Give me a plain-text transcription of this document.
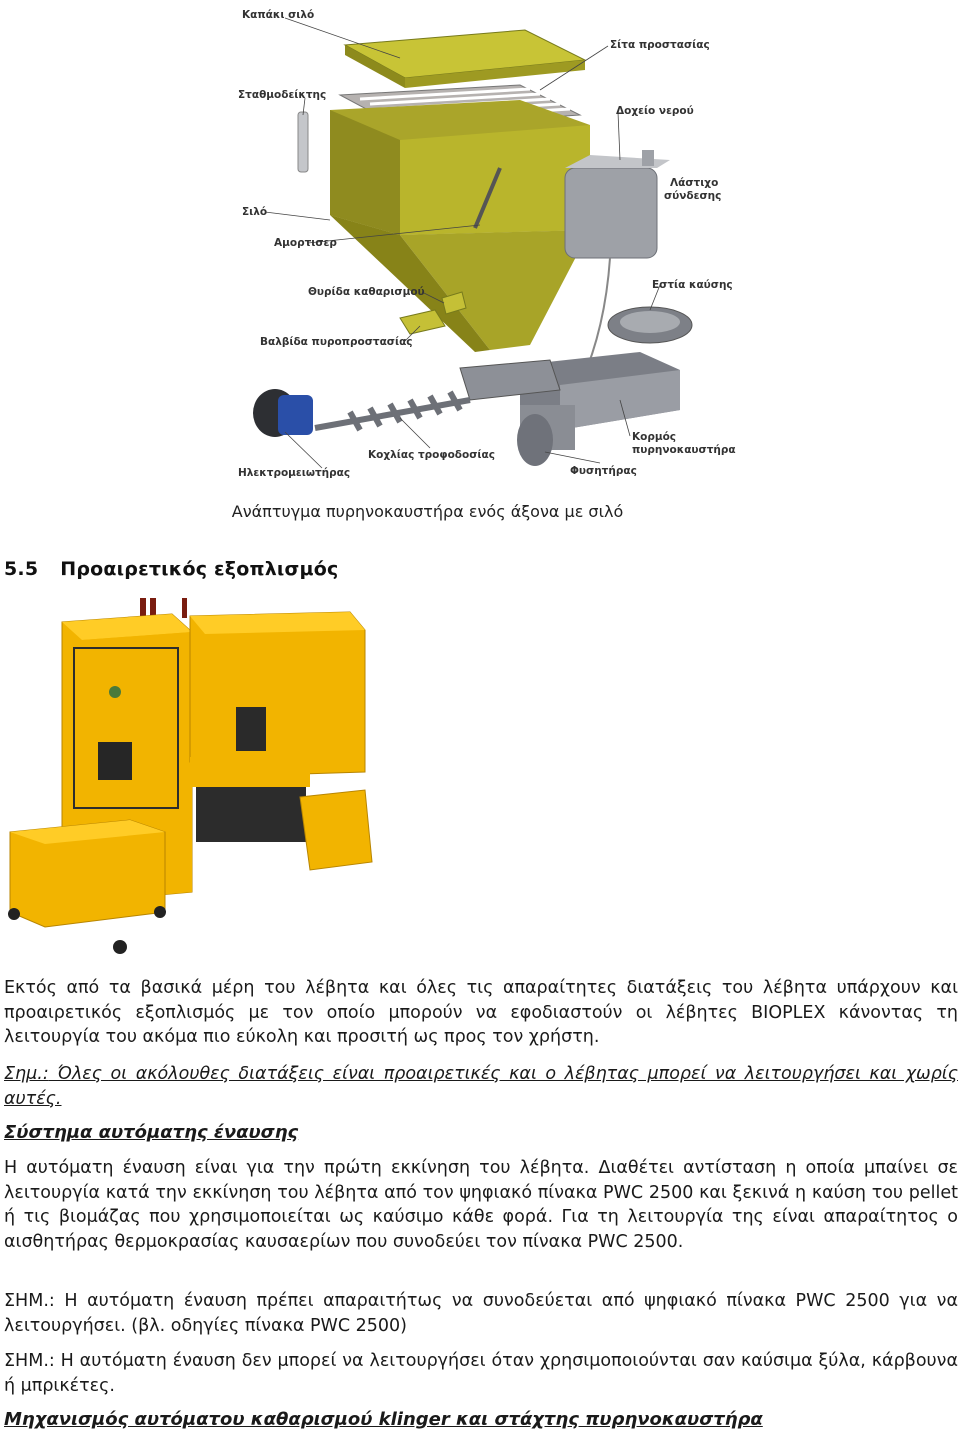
Καπάκι σιλό
Σίτα προστασίας
Σταθμοδείκτης
Δοχείο νερού
Λάστιχο
σύνδεσης
Σιλό
Αμορτισερ
Εστία καύσης
Θυρίδα καθαρισμού
Βαλβίδα πυροπροστασίας
Κορμός
πυρηνοκαυστήρα
Ηλεκτρομειωτήρας
Κοχλίας τροφοδοσίας
Φυσητήρας
Ανάπτυγμα πυρηνοκαυστήρα ενός άξονα με σιλό
5.5 Προαιρετικός εξοπλισμός
Εκτός από τα βασικά μέρη του λέβητα και όλες τις απαραίτητες διατάξεις του λέβητα υπάρχουν και προαιρετικός εξοπλισμός με τον οποίο μπορούν να εφοδιαστούν οι λέβητες BIOPLEX κάνοντας τη λειτουργία του ακόμα πιο εύκολη και προσιτή ως προς τον χρήστη.
Σημ.: Όλες οι ακόλουθες διατάξεις είναι προαιρετικές και ο λέβητας μπορεί να λειτουργήσει και χωρίς αυτές.
Σύστημα αυτόματης έναυσης
Η αυτόματη έναυση είναι για την πρώτη εκκίνηση του λέβητα. Διαθέτει αντίσταση η οποία μπαίνει σε λειτουργία κατά την εκκίνηση του λέβητα από τον ψηφιακό πίνακα PWC 2500 και ξεκινά η καύση του pellet ή τις βιομάζας που χρησιμοποιείται ως καύσιμο κάθε φορά. Για τη λειτουργία της είναι απαραίτητος ο αισθητήρας θερμοκρασίας καυσαερίων που συνοδεύει τον πίνακα PWC 2500.
ΣΗΜ.: Η αυτόματη έναυση πρέπει απαραιτήτως να συνοδεύεται από ψηφιακό πίνακα PWC 2500 για να λειτουργήσει. (βλ. οδηγίες πίνακα PWC 2500)
ΣΗΜ.: Η αυτόματη έναυση δεν μπορεί να λειτουργήσει όταν χρησιμοποιούνται σαν καύσιμα ξύλα, κάρβουνα ή μπρικέτες.
Μηχανισμός αυτόματου καθαρισμού klinger και στάχτης πυρηνοκαυστήρα
